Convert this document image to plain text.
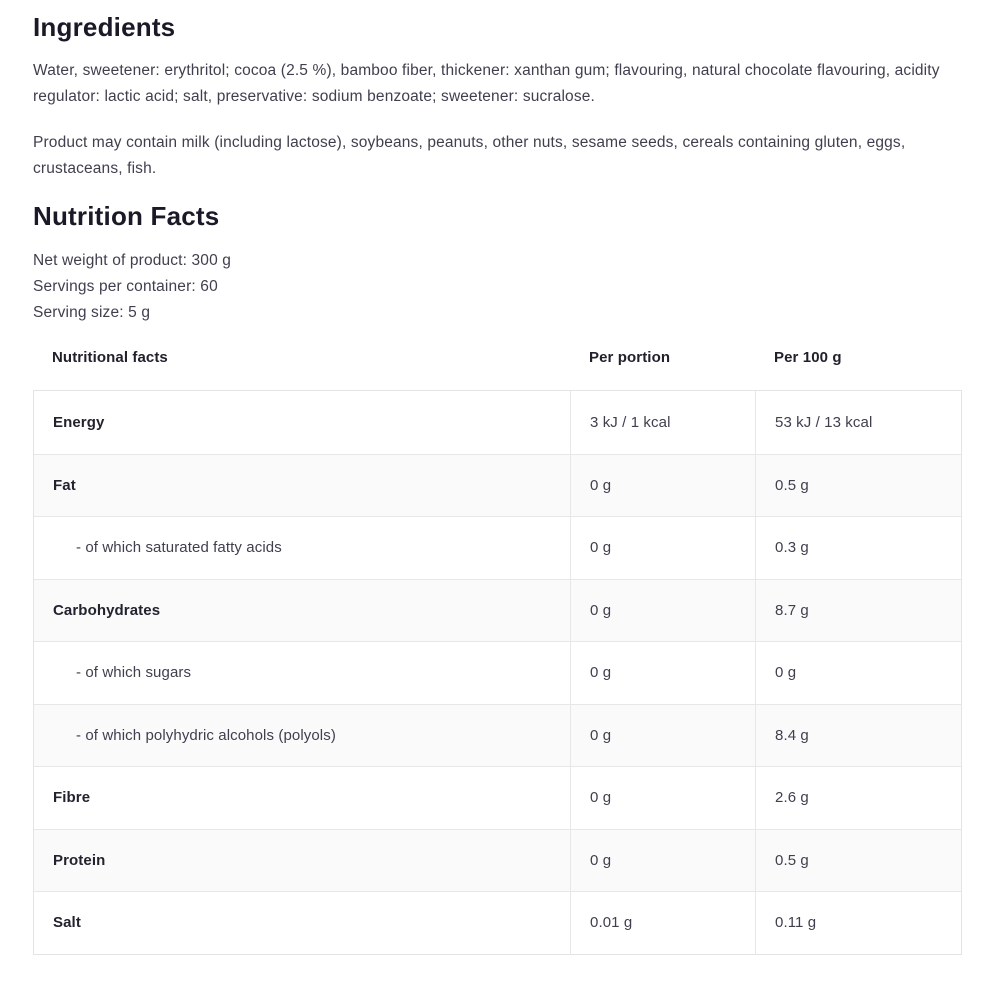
Ingredients

Water, sweetener: erythritol; cocoa (2.5 %), bamboo fiber, thickener: xanthan gum; flavouring, natural chocolate flavouring, acidity regulator: lactic acid; salt, preservative: sodium benzoate; sweetener: sucralose.

Product may contain milk (including lactose), soybeans, peanuts, other nuts, sesame seeds, cereals containing gluten, eggs, crustaceans, fish.

Nutrition Facts
Net weight of product: 300 g
Servings per container: 60
Serving size: 5 g
Nutritional facts	Per portion	Per 100 g
Energy	3 kJ / 1 kcal	53 kJ / 13 kcal
Fat	0 g	0.5 g
- of which saturated fatty acids	0 g	0.3 g
Carbohydrates	0 g	8.7 g
- of which sugars	0 g	0 g
- of which polyhydric alcohols (polyols)	0 g	8.4 g
Fibre	0 g	2.6 g
Protein	0 g	0.5 g
Salt	0.01 g	0.11 g
